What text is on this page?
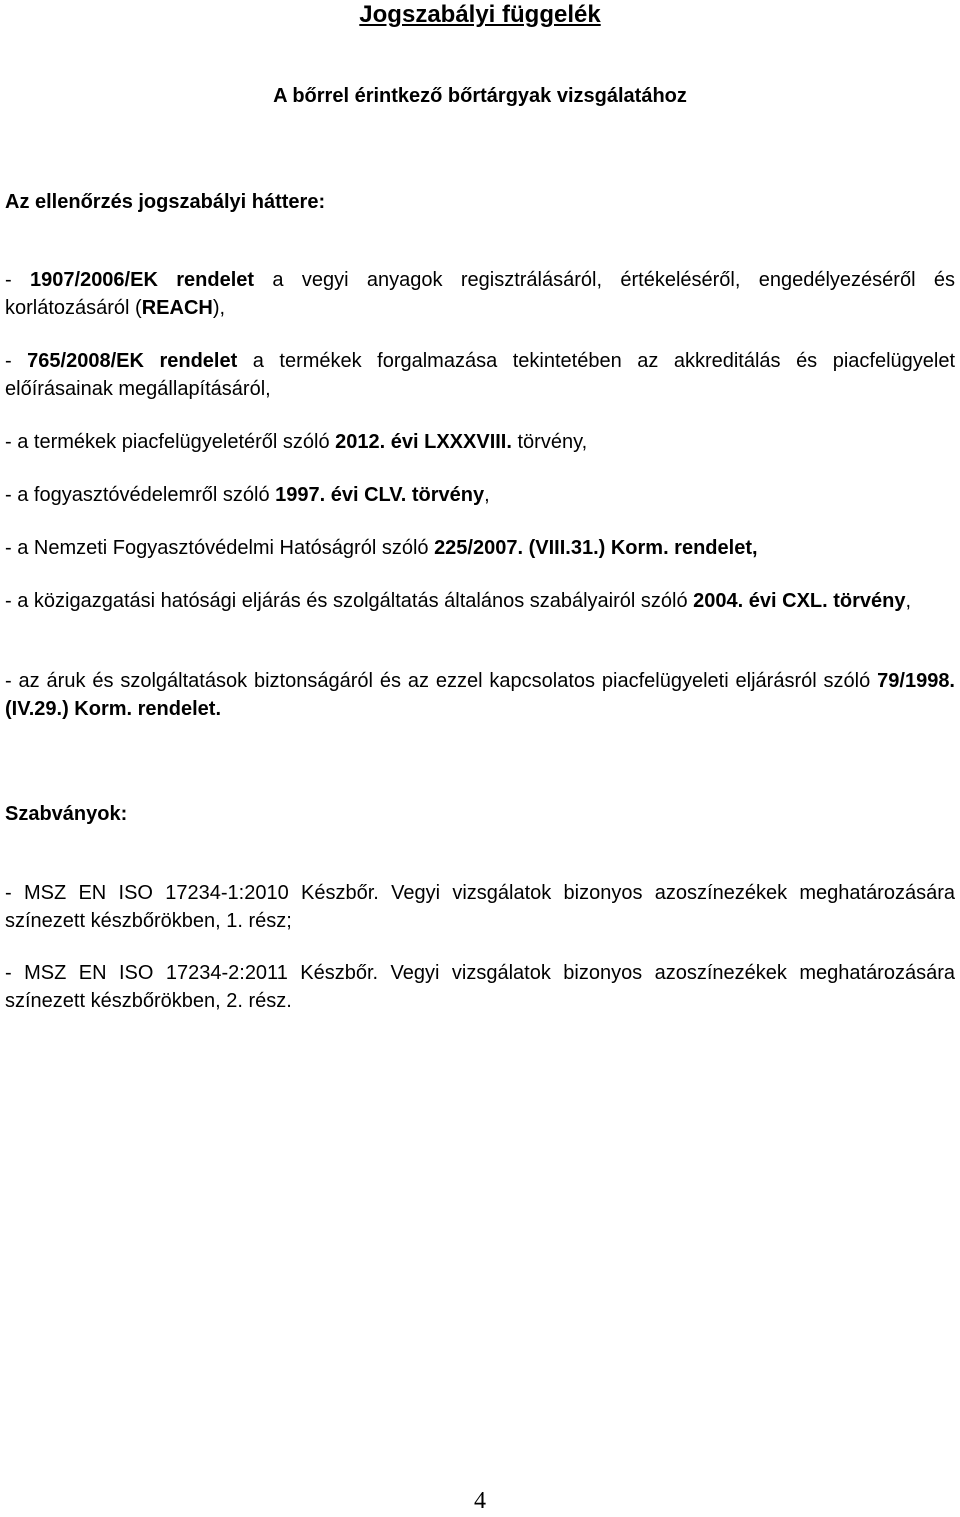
Jogszabályi függelék
A bőrrel érintkező bőrtárgyak vizsgálatához
Az ellenőrzés jogszabályi háttere:

- 1907/2006/EK rendelet a vegyi anyagok regisztrálásáról, értékeléséről, engedélyezéséről és korlátozásáról (REACH),

- 765/2008/EK rendelet a termékek forgalmazása tekintetében az akkreditálás és piacfelügyelet előírásainak megállapításáról,

- a termékek piacfelügyeletéről szóló 2012. évi LXXXVIII. törvény,

- a fogyasztóvédelemről szóló 1997. évi CLV. törvény,

- a Nemzeti Fogyasztóvédelmi Hatóságról szóló 225/2007. (VIII.31.) Korm. rendelet,

- a közigazgatási hatósági eljárás és szolgáltatás általános szabályairól szóló 2004. évi CXL. törvény,

- az áruk és szolgáltatások biztonságáról és az ezzel kapcsolatos piacfelügyeleti eljárásról szóló 79/1998. (IV.29.) Korm. rendelet.

Szabványok:

- MSZ EN ISO 17234-1:2010 Készbőr. Vegyi vizsgálatok bizonyos azoszínezékek meghatározására színezett készbőrökben, 1. rész;

- MSZ EN ISO 17234-2:2011 Készbőr. Vegyi vizsgálatok bizonyos azoszínezékek meghatározására színezett készbőrökben, 2. rész.

4
